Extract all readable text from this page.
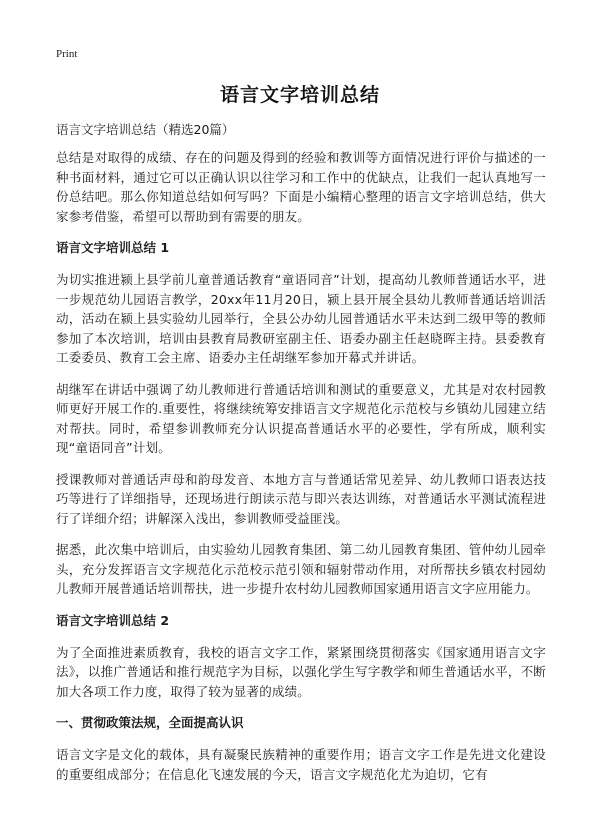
Print
语言文字培训总结

语言文字培训总结（精选20篇）

总结是对取得的成绩、存在的问题及得到的经验和教训等方面情况进行评价与描述的一种书面材料，通过它可以正确认识以往学习和工作中的优缺点，让我们一起认真地写一份总结吧。那么你知道总结如何写吗？下面是小编精心整理的语言文字培训总结，供大家参考借鉴，希望可以帮助到有需要的朋友。

语言文字培训总结 1

为切实推进颍上县学前儿童普通话教育“童语同音”计划，提高幼儿教师普通话水平，进一步规范幼儿园语言教学，20xx年11月20日，颍上县开展全县幼儿教师普通话培训活动，活动在颍上县实验幼儿园举行，全县公办幼儿园普通话水平未达到二级甲等的教师参加了本次培训，培训由县教育局教研室副主任、语委办副主任赵晓晖主持。县委教育工委委员、教育工会主席、语委办主任胡继军参加开幕式并讲话。

胡继军在讲话中强调了幼儿教师进行普通话培训和测试的重要意义，尤其是对农村园教师更好开展工作的.重要性，将继续统筹安排语言文字规范化示范校与乡镇幼儿园建立结对帮扶。同时，希望参训教师充分认识提高普通话水平的必要性，学有所成，顺利实现“童语同音”计划。

授课教师对普通话声母和韵母发音、本地方言与普通话常见差异、幼儿教师口语表达技巧等进行了详细指导，还现场进行朗读示范与即兴表达训练，对普通话水平测试流程进行了详细介绍；讲解深入浅出，参训教师受益匪浅。

据悉，此次集中培训后，由实验幼儿园教育集团、第二幼儿园教育集团、管仲幼儿园牵头，充分发挥语言文字规范化示范校示范引领和辐射带动作用，对所帮扶乡镇农村园幼儿教师开展普通话培训帮扶，进一步提升农村幼儿园教师国家通用语言文字应用能力。

语言文字培训总结 2

为了全面推进素质教育，我校的语言文字工作，紧紧围绕贯彻落实《国家通用语言文字法》，以推广普通话和推行规范字为目标，以强化学生写字教学和师生普通话水平，不断加大各项工作力度，取得了较为显著的成绩。

一、贯彻政策法规，全面提高认识

语言文字是文化的载体，具有凝聚民族精神的重要作用；语言文字工作是先进文化建设的重要组成部分；在信息化飞速发展的今天，语言文字规范化尤为迫切，它有
